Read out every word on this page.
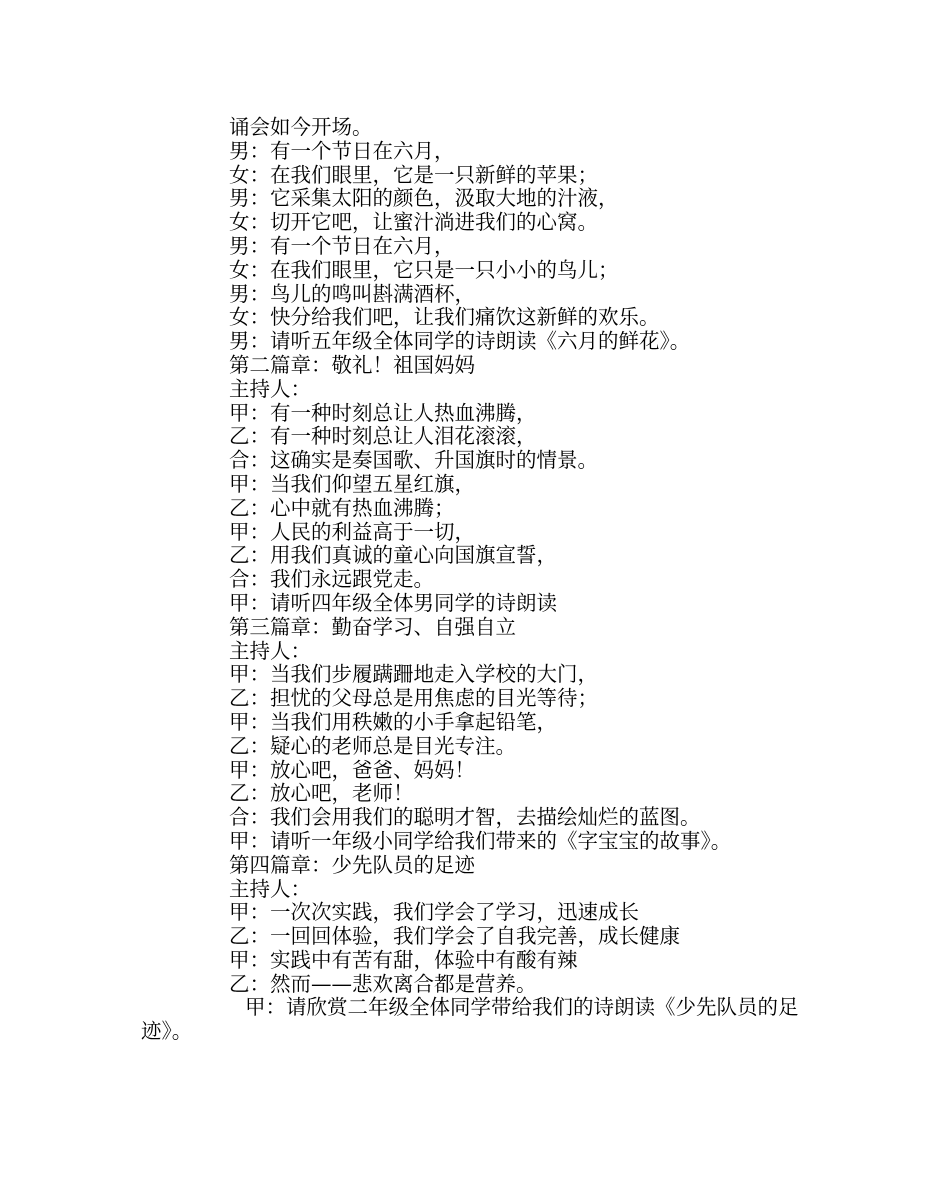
诵会如今开场。
男：有一个节日在六月，
女：在我们眼里，它是一只新鲜的苹果；
男：它采集太阳的颜色，汲取大地的汁液，
女：切开它吧，让蜜汁淌进我们的心窝。
男：有一个节日在六月，
女：在我们眼里，它只是一只小小的鸟儿；
男：鸟儿的鸣叫斟满酒杯，
女：快分给我们吧，让我们痛饮这新鲜的欢乐。
男：请听五年级全体同学的诗朗读《六月的鲜花》。
第二篇章：敬礼！祖国妈妈
主持人：
甲：有一种时刻总让人热血沸腾，
乙：有一种时刻总让人泪花滚滚，
合：这确实是奏国歌、升国旗时的情景。
甲：当我们仰望五星红旗，
乙：心中就有热血沸腾；
甲：人民的利益高于一切，
乙：用我们真诚的童心向国旗宣誓，
合：我们永远跟党走。
甲：请听四年级全体男同学的诗朗读
第三篇章：勤奋学习、自强自立
主持人：
甲：当我们步履蹒跚地走入学校的大门，
乙：担忧的父母总是用焦虑的目光等待；
甲：当我们用秩嫩的小手拿起铅笔，
乙：疑心的老师总是目光专注。
甲：放心吧，爸爸、妈妈！
乙：放心吧，老师！
合：我们会用我们的聪明才智，去描绘灿烂的蓝图。
甲：请听一年级小同学给我们带来的《字宝宝的故事》。
第四篇章：少先队员的足迹
主持人：
甲：一次次实践，我们学会了学习，迅速成长
乙：一回回体验，我们学会了自我完善，成长健康
甲：实践中有苦有甜，体验中有酸有辣
乙：然而——悲欢离合都是营养。
甲：请欣赏二年级全体同学带给我们的诗朗读《少先队员的足迹》。
